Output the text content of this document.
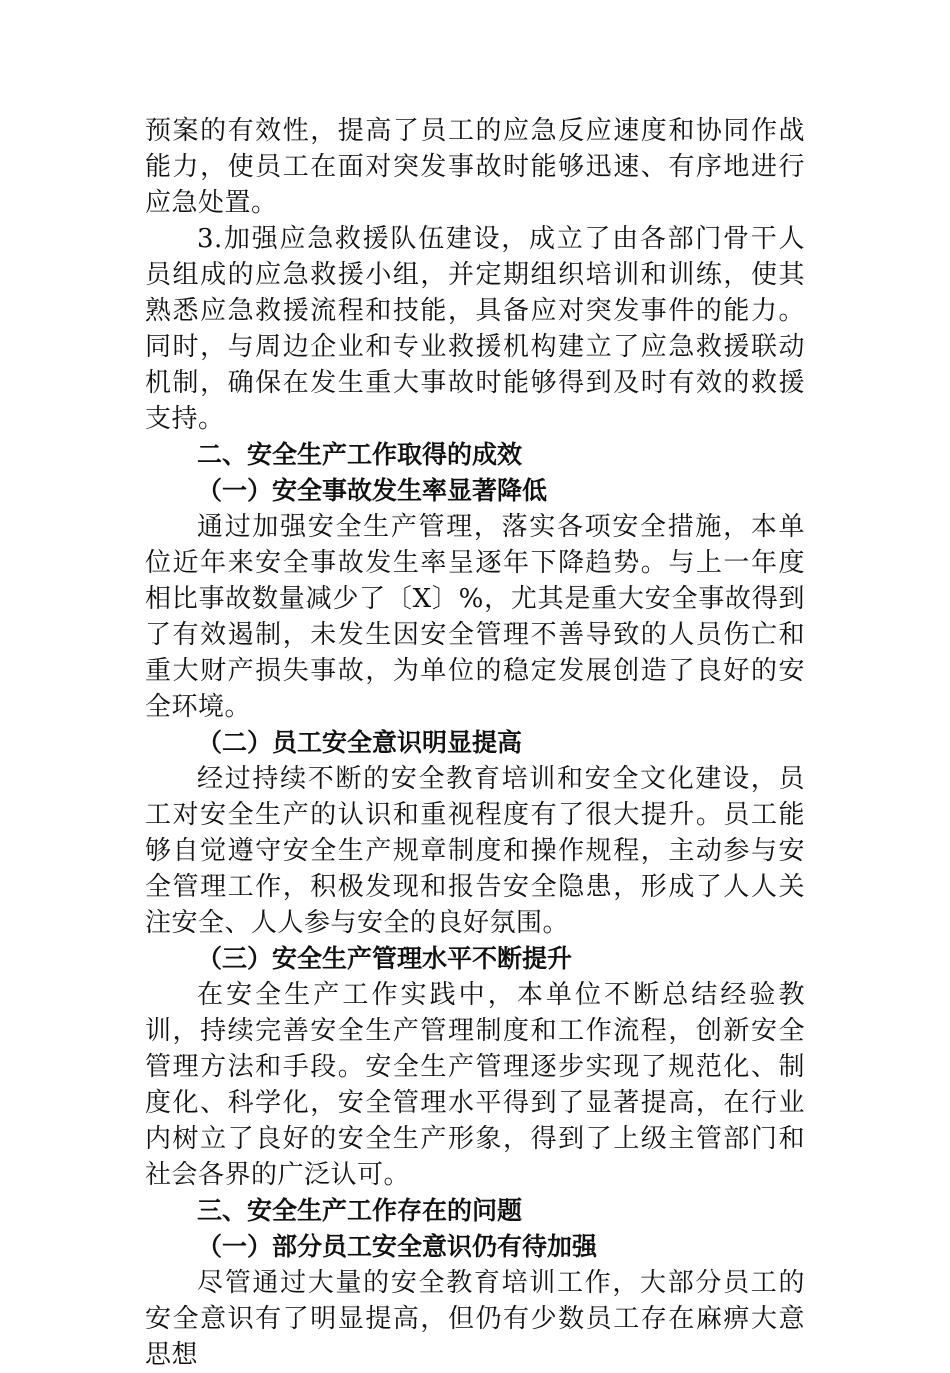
预案的有效性，提高了员工的应急反应速度和协同作战能力，使员工在面对突发事故时能够迅速、有序地进行应急处置。

3.加强应急救援队伍建设，成立了由各部门骨干人员组成的应急救援小组，并定期组织培训和训练，使其熟悉应急救援流程和技能，具备应对突发事件的能力。同时，与周边企业和专业救援机构建立了应急救援联动机制，确保在发生重大事故时能够得到及时有效的救援支持。

二、安全生产工作取得的成效

（一）安全事故发生率显著降低

通过加强安全生产管理，落实各项安全措施，本单位近年来安全事故发生率呈逐年下降趋势。与上一年度相比事故数量减少了〔X〕%，尤其是重大安全事故得到了有效遏制，未发生因安全管理不善导致的人员伤亡和重大财产损失事故，为单位的稳定发展创造了良好的安全环境。

（二）员工安全意识明显提高

经过持续不断的安全教育培训和安全文化建设，员工对安全生产的认识和重视程度有了很大提升。员工能够自觉遵守安全生产规章制度和操作规程，主动参与安全管理工作，积极发现和报告安全隐患，形成了人人关注安全、人人参与安全的良好氛围。

（三）安全生产管理水平不断提升

在安全生产工作实践中，本单位不断总结经验教训，持续完善安全生产管理制度和工作流程，创新安全管理方法和手段。安全生产管理逐步实现了规范化、制度化、科学化，安全管理水平得到了显著提高，在行业内树立了良好的安全生产形象，得到了上级主管部门和社会各界的广泛认可。

三、安全生产工作存在的问题

（一）部分员工安全意识仍有待加强

尽管通过大量的安全教育培训工作，大部分员工的安全意识有了明显提高，但仍有少数员工存在麻痹大意思想
